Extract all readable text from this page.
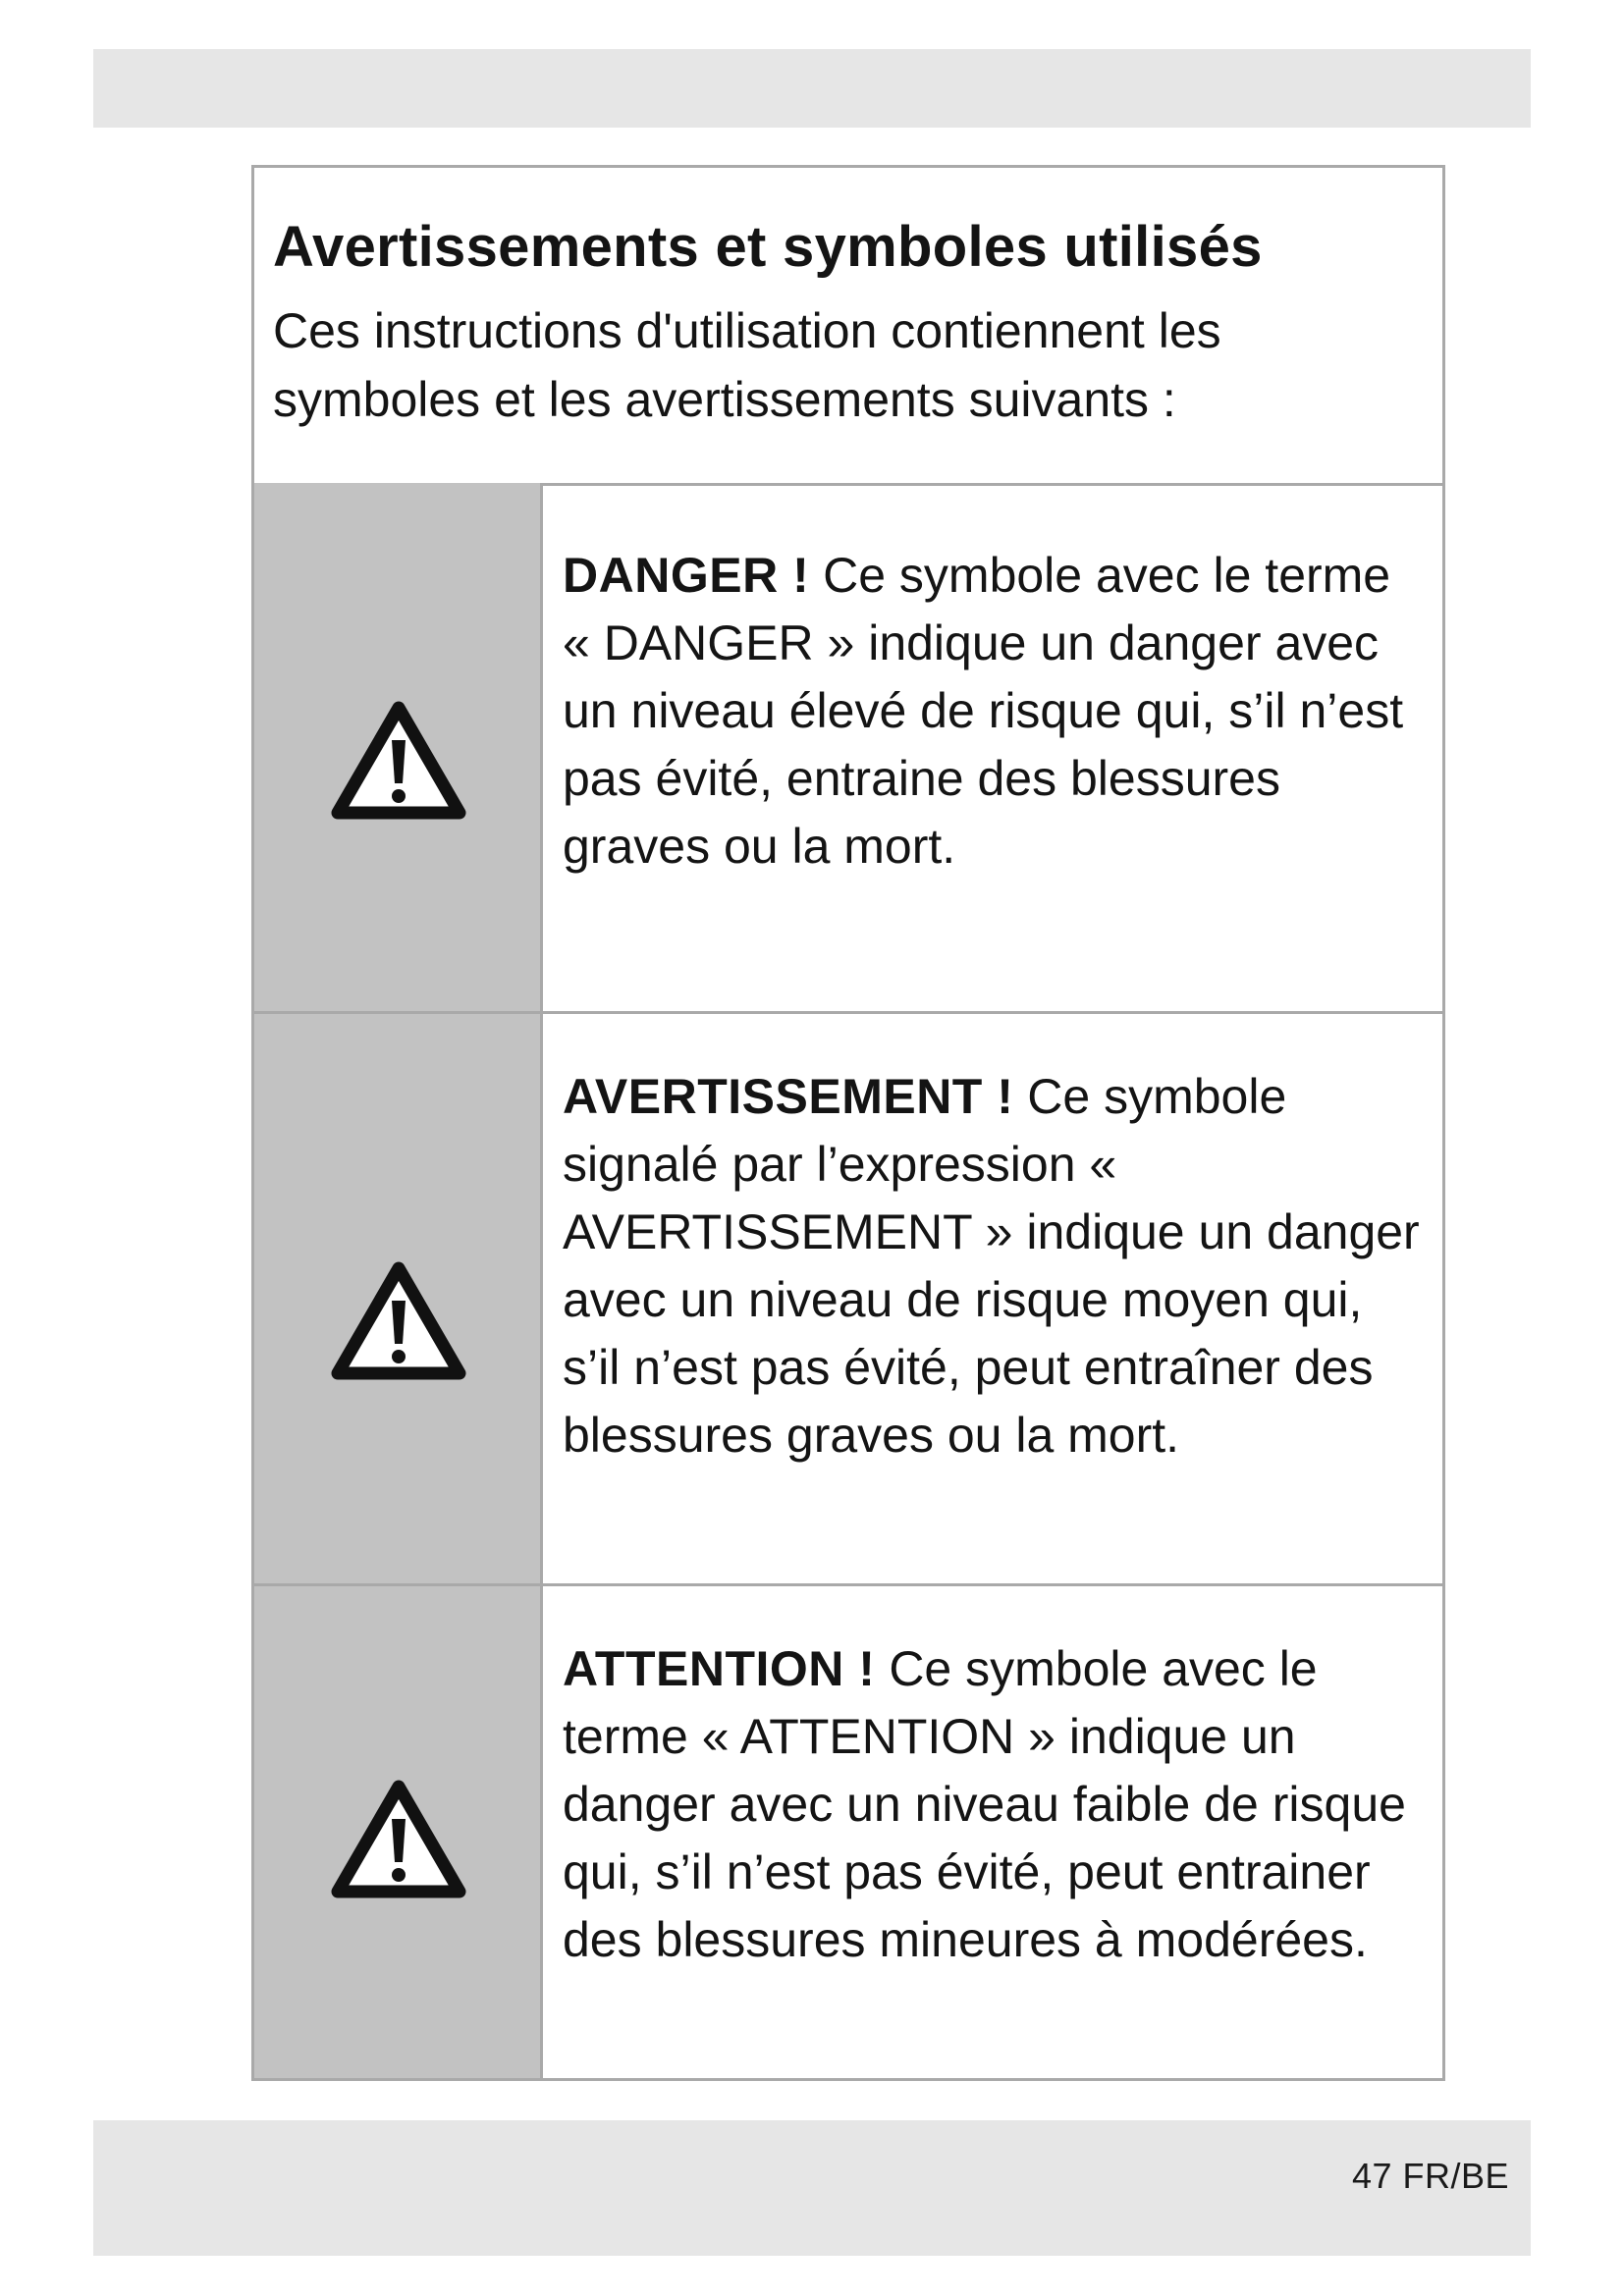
Avertissements et symboles utilisés

Ces instructions d'utilisation contiennent les symboles et les avertissements suivants :

DANGER ! Ce symbole avec le terme « DANGER » indique un danger avec un niveau élevé de risque qui, s’il n’est pas évité, entraine des blessures graves ou la mort.

AVERTISSEMENT ! Ce symbole signalé par l’expression « AVERTISSEMENT » indique un danger avec un niveau de risque moyen qui, s’il n’est pas évité, peut entraîner des blessures graves ou la mort.

ATTENTION ! Ce symbole avec le terme « ATTENTION » indique un danger avec un niveau faible de risque qui, s’il n’est pas évité, peut entrainer des blessures mineures à modérées.

47 FR/BE
